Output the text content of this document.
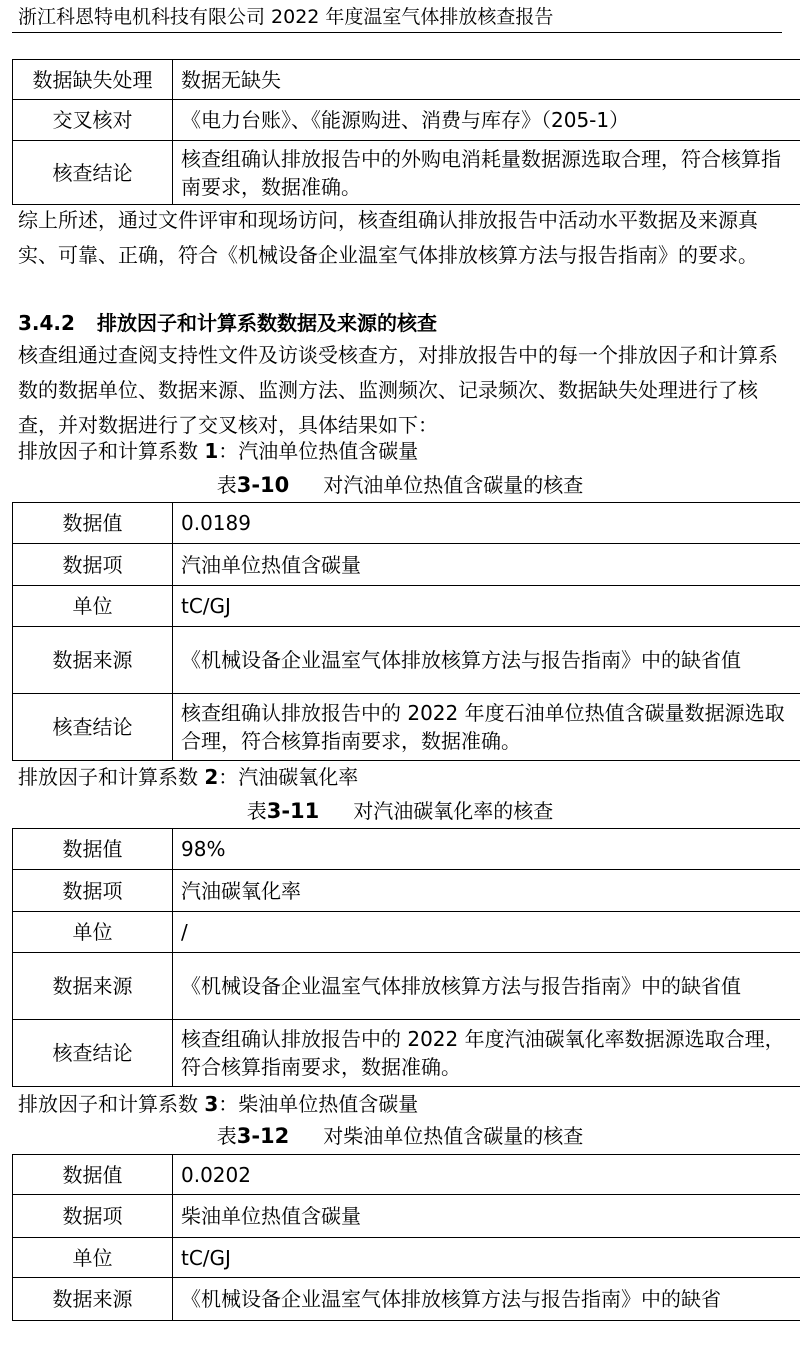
浙江科恩特电机科技有限公司 2022 年度温室气体排放核查报告
数据缺失处理	数据无缺失
交叉核对	《电力台账》、《能源购进、消费与库存》（205-1）
核查结论	核查组确认排放报告中的外购电消耗量数据源选取合理，符合核算指南要求，数据准确。
综上所述，通过文件评审和现场访问，核查组确认排放报告中活动水平数据及来源真实、可靠、正确，符合《机械设备企业温室气体排放核算方法与报告指南》的要求。
3.4.2 排放因子和计算系数数据及来源的核查
核查组通过查阅支持性文件及访谈受核查方，对排放报告中的每一个排放因子和计算系数的数据单位、数据来源、监测方法、监测频次、记录频次、数据缺失处理进行了核查，并对数据进行了交叉核对，具体结果如下：
排放因子和计算系数 1：汽油单位热值含碳量
表3-10 对汽油单位热值含碳量的核查
数据值	0.0189
数据项	汽油单位热值含碳量
单位	tC/GJ
数据来源	《机械设备企业温室气体排放核算方法与报告指南》中的缺省值
核查结论	核查组确认排放报告中的 2022 年度石油单位热值含碳量数据源选取合理，符合核算指南要求，数据准确。
排放因子和计算系数 2：汽油碳氧化率
表3-11 对汽油碳氧化率的核查
数据值	98%
数据项	汽油碳氧化率
单位	/
数据来源	《机械设备企业温室气体排放核算方法与报告指南》中的缺省值
核查结论	核查组确认排放报告中的 2022 年度汽油碳氧化率数据源选取合理，符合核算指南要求，数据准确。
排放因子和计算系数 3：柴油单位热值含碳量
表3-12 对柴油单位热值含碳量的核查
数据值	0.0202
数据项	柴油单位热值含碳量
单位	tC/GJ
数据来源	《机械设备企业温室气体排放核算方法与报告指南》中的缺省
